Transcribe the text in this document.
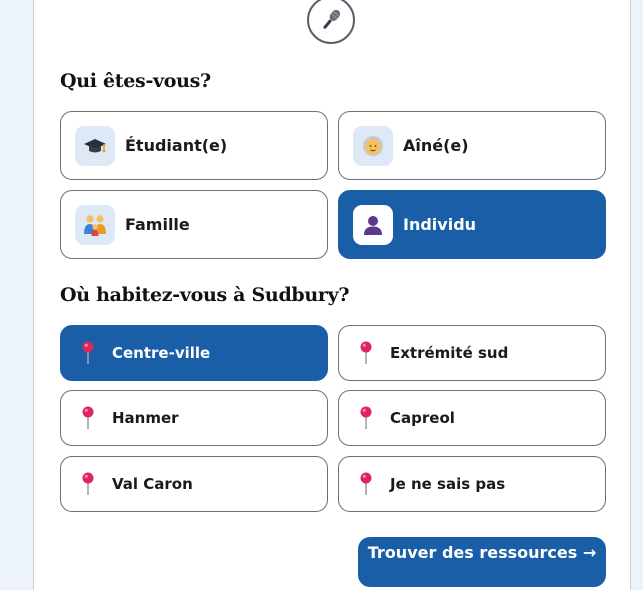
Qui êtes-vous?
Étudiant(e)	Aîné(e)
Famille	Individu
Où habitez-vous à Sudbury?
Centre-ville	Extrémité sud
Hanmer	Capreol
Val Caron	Je ne sais pas
Trouver des ressources →
